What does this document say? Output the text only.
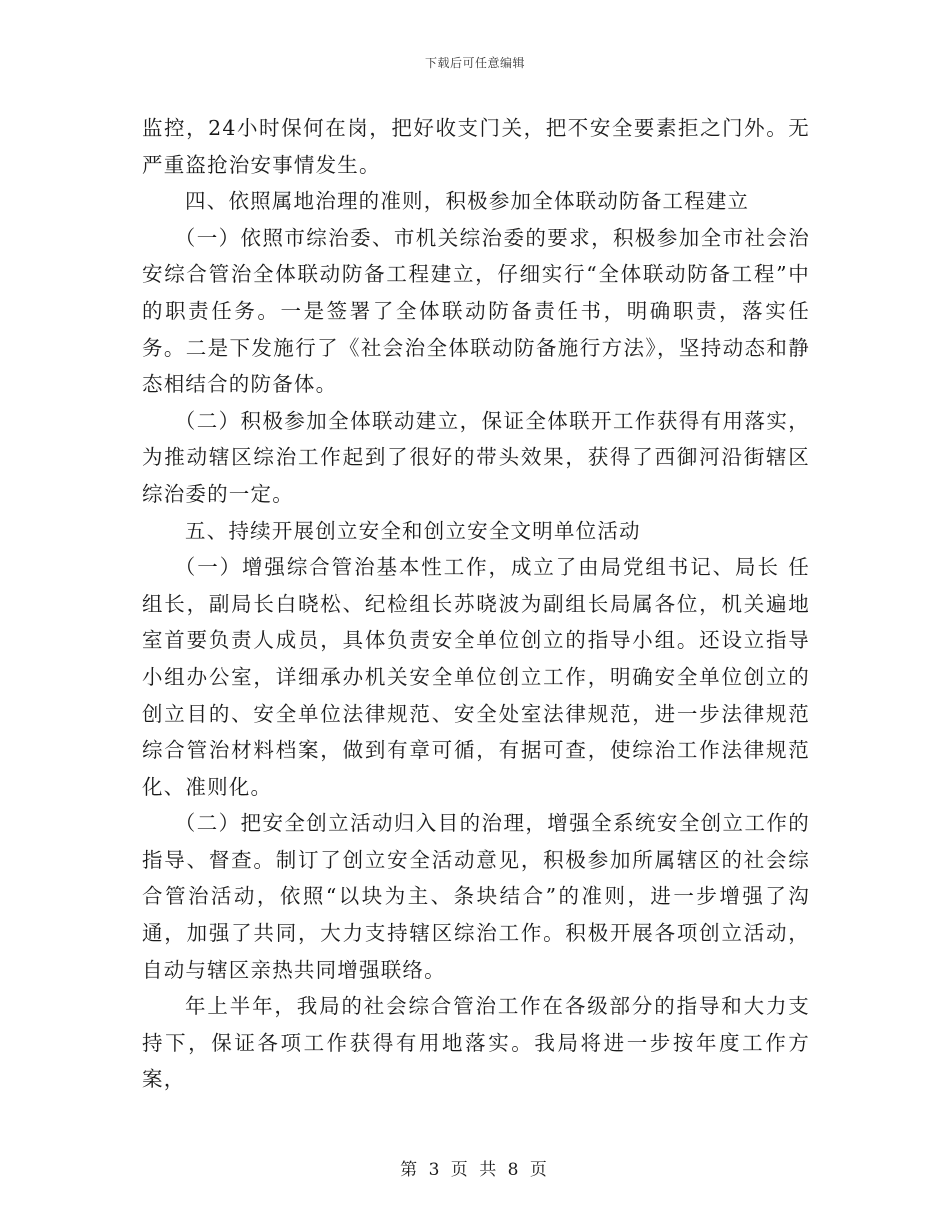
下载后可任意编辑

监控，24小时保何在岗，把好收支门关，把不安全要素拒之门外。无严重盗抢治安事情发生。

四、依照属地治理的准则，积极参加全体联动防备工程建立

（一）依照市综治委、市机关综治委的要求，积极参加全市社会治安综合管治全体联动防备工程建立，仔细实行“全体联动防备工程”中的职责任务。一是签署了全体联动防备责任书，明确职责，落实任务。二是下发施行了《社会治全体联动防备施行方法》，坚持动态和静态相结合的防备体。

（二）积极参加全体联动建立，保证全体联开工作获得有用落实，为推动辖区综治工作起到了很好的带头效果，获得了西御河沿街辖区综治委的一定。

五、持续开展创立安全和创立安全文明单位活动

（一）增强综合管治基本性工作，成立了由局党组书记、局长 任组长，副局长白晓松、纪检组长苏晓波为副组长局属各位，机关遍地室首要负责人成员，具体负责安全单位创立的指导小组。还设立指导小组办公室，详细承办机关安全单位创立工作，明确安全单位创立的创立目的、安全单位法律规范、安全处室法律规范，进一步法律规范综合管治材料档案，做到有章可循，有据可查，使综治工作法律规范化、准则化。

（二）把安全创立活动归入目的治理，增强全系统安全创立工作的指导、督查。制订了创立安全活动意见，积极参加所属辖区的社会综合管治活动，依照“以块为主、条块结合”的准则，进一步增强了沟通，加强了共同，大力支持辖区综治工作。积极开展各项创立活动，自动与辖区亲热共同增强联络。

年上半年，我局的社会综合管治工作在各级部分的指导和大力支持下，保证各项工作获得有用地落实。我局将进一步按年度工作方案，

第 3 页 共 8 页
